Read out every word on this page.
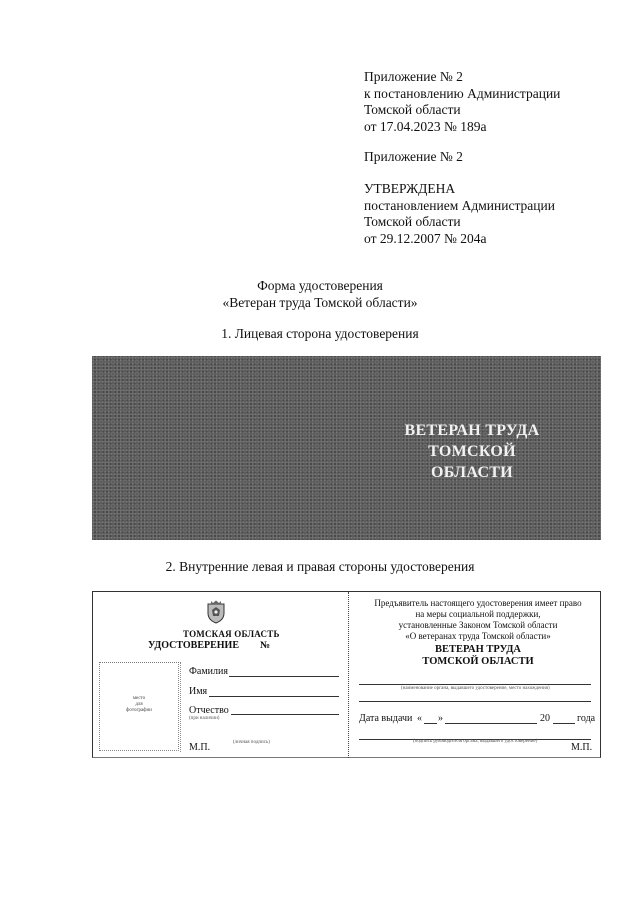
Приложение № 2
к постановлению Администрации
Томской области
от 17.04.2023 № 189а
Приложение № 2
УТВЕРЖДЕНА
постановлением Администрации
Томской области
от 29.12.2007 № 204а
Форма удостоверения
«Ветеран труда Томской области»
1. Лицевая сторона удостоверения
ВЕТЕРАН ТРУДА
ТОМСКОЙ ОБЛАСТИ
2. Внутренние левая и правая стороны удостоверения
ТОМСКАЯ ОБЛАСТЬ
УДОСТОВЕРЕНИЕ №
место
для
фотографии
Фамилия
Имя
Отчество
(при наличии)
(личная подпись)
М.П.
Предъявитель настоящего удостоверения имеет право
на меры социальной поддержки,
установленные Законом Томской области
«О ветеранах труда Томской области»
ВЕТЕРАН ТРУДА
ТОМСКОЙ ОБЛАСТИ
(наименование органа, выдавшего удостоверение, место нахождения)
Дата выдачи « »	20	года
(подпись руководителя органа, выдавшего удостоверение)
М.П.
